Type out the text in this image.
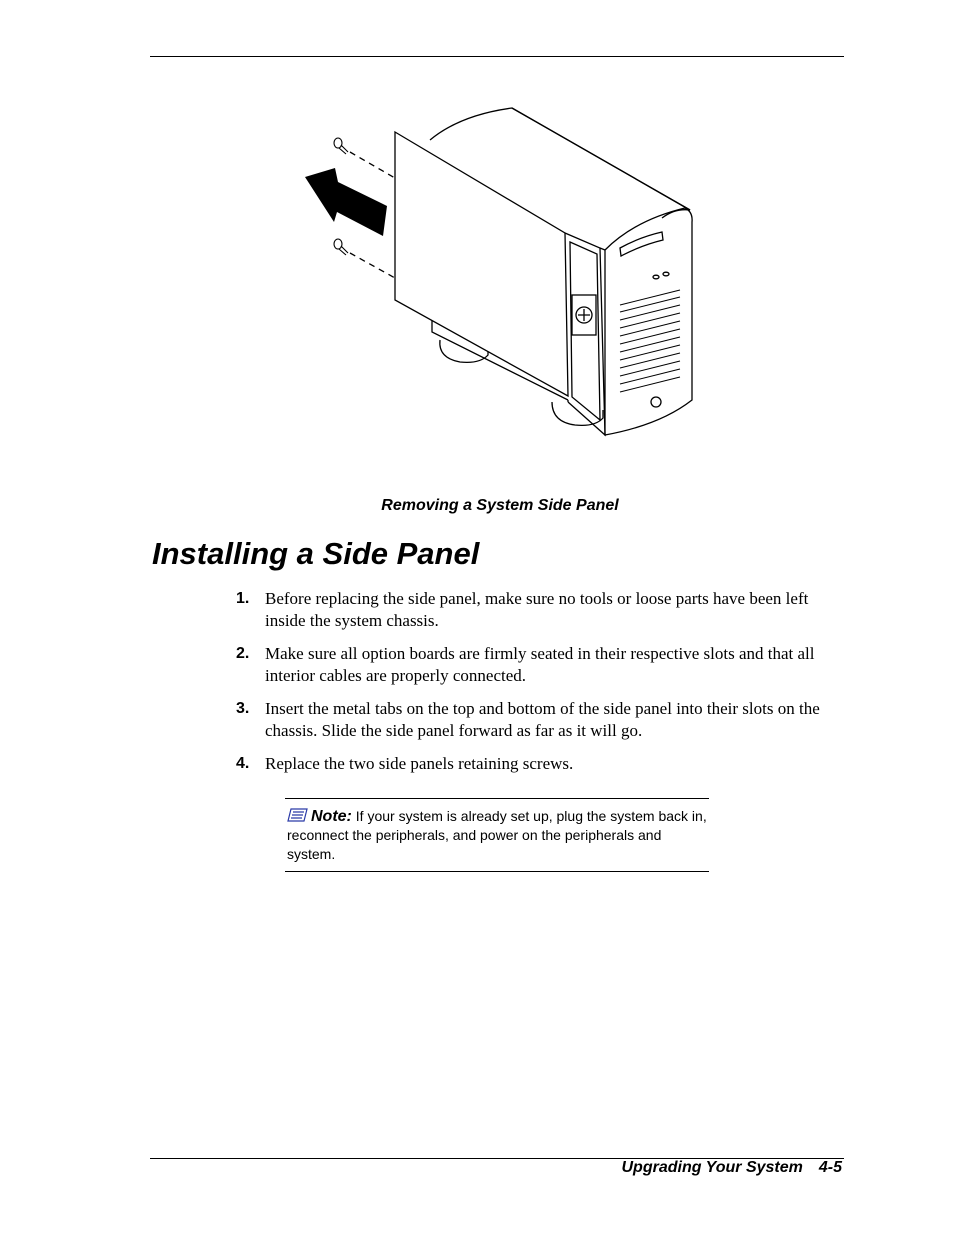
Removing a System Side Panel
Installing a Side Panel
1. Before replacing the side panel, make sure no tools or loose parts have been left inside the system chassis.
2. Make sure all option boards are firmly seated in their respective slots and that all interior cables are properly connected.
3. Insert the metal tabs on the top and bottom of the side panel into their slots on the chassis. Slide the side panel forward as far as it will go.
4. Replace the two side panels retaining screws.
Note: If your system is already set up, plug the system back in, reconnect the peripherals, and power on the peripherals and system.
Upgrading Your System 4-5
